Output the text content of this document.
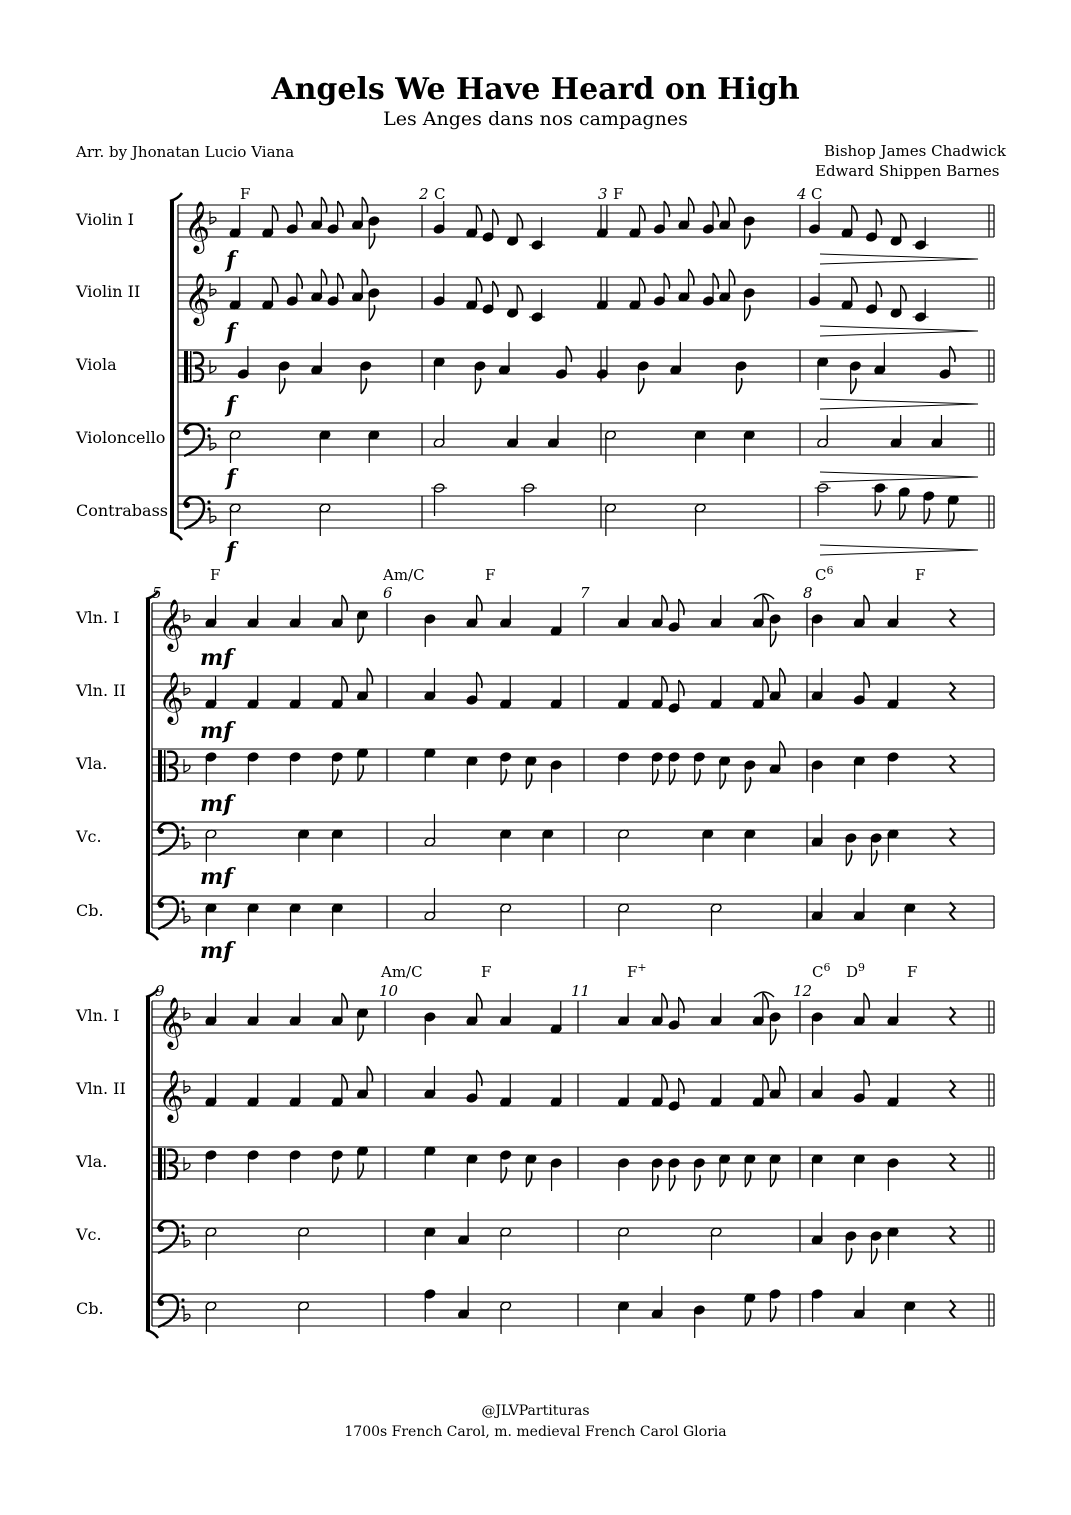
Angels We Have Heard on High
Les Anges dans nos campagnes
Arr. by Jhonatan Lucio Viana	Bishop James Chadwick
Edward Shippen Barnes
Violin I
Violin II
Viola
Violoncello
Contrabass
𝄞
𝄞
2	3	4
F	C	F	C
f
f
f
f
f
Vln. I
Vln. II
Vla.
Vc.
Cb.
𝄞
𝄞
5	6	7	8
F	Am/C	F	$C^6$	F
mf
mf
mf
mf
mf
Vln. I
Vln. II
Vla.
Vc.
Cb.
𝄞
𝄞
9	10	11	12
Am/C	F	F+	$C^6$ $D^9$	F
@JLVPartituras
1700s French Carol, m. medieval French Carol Gloria
